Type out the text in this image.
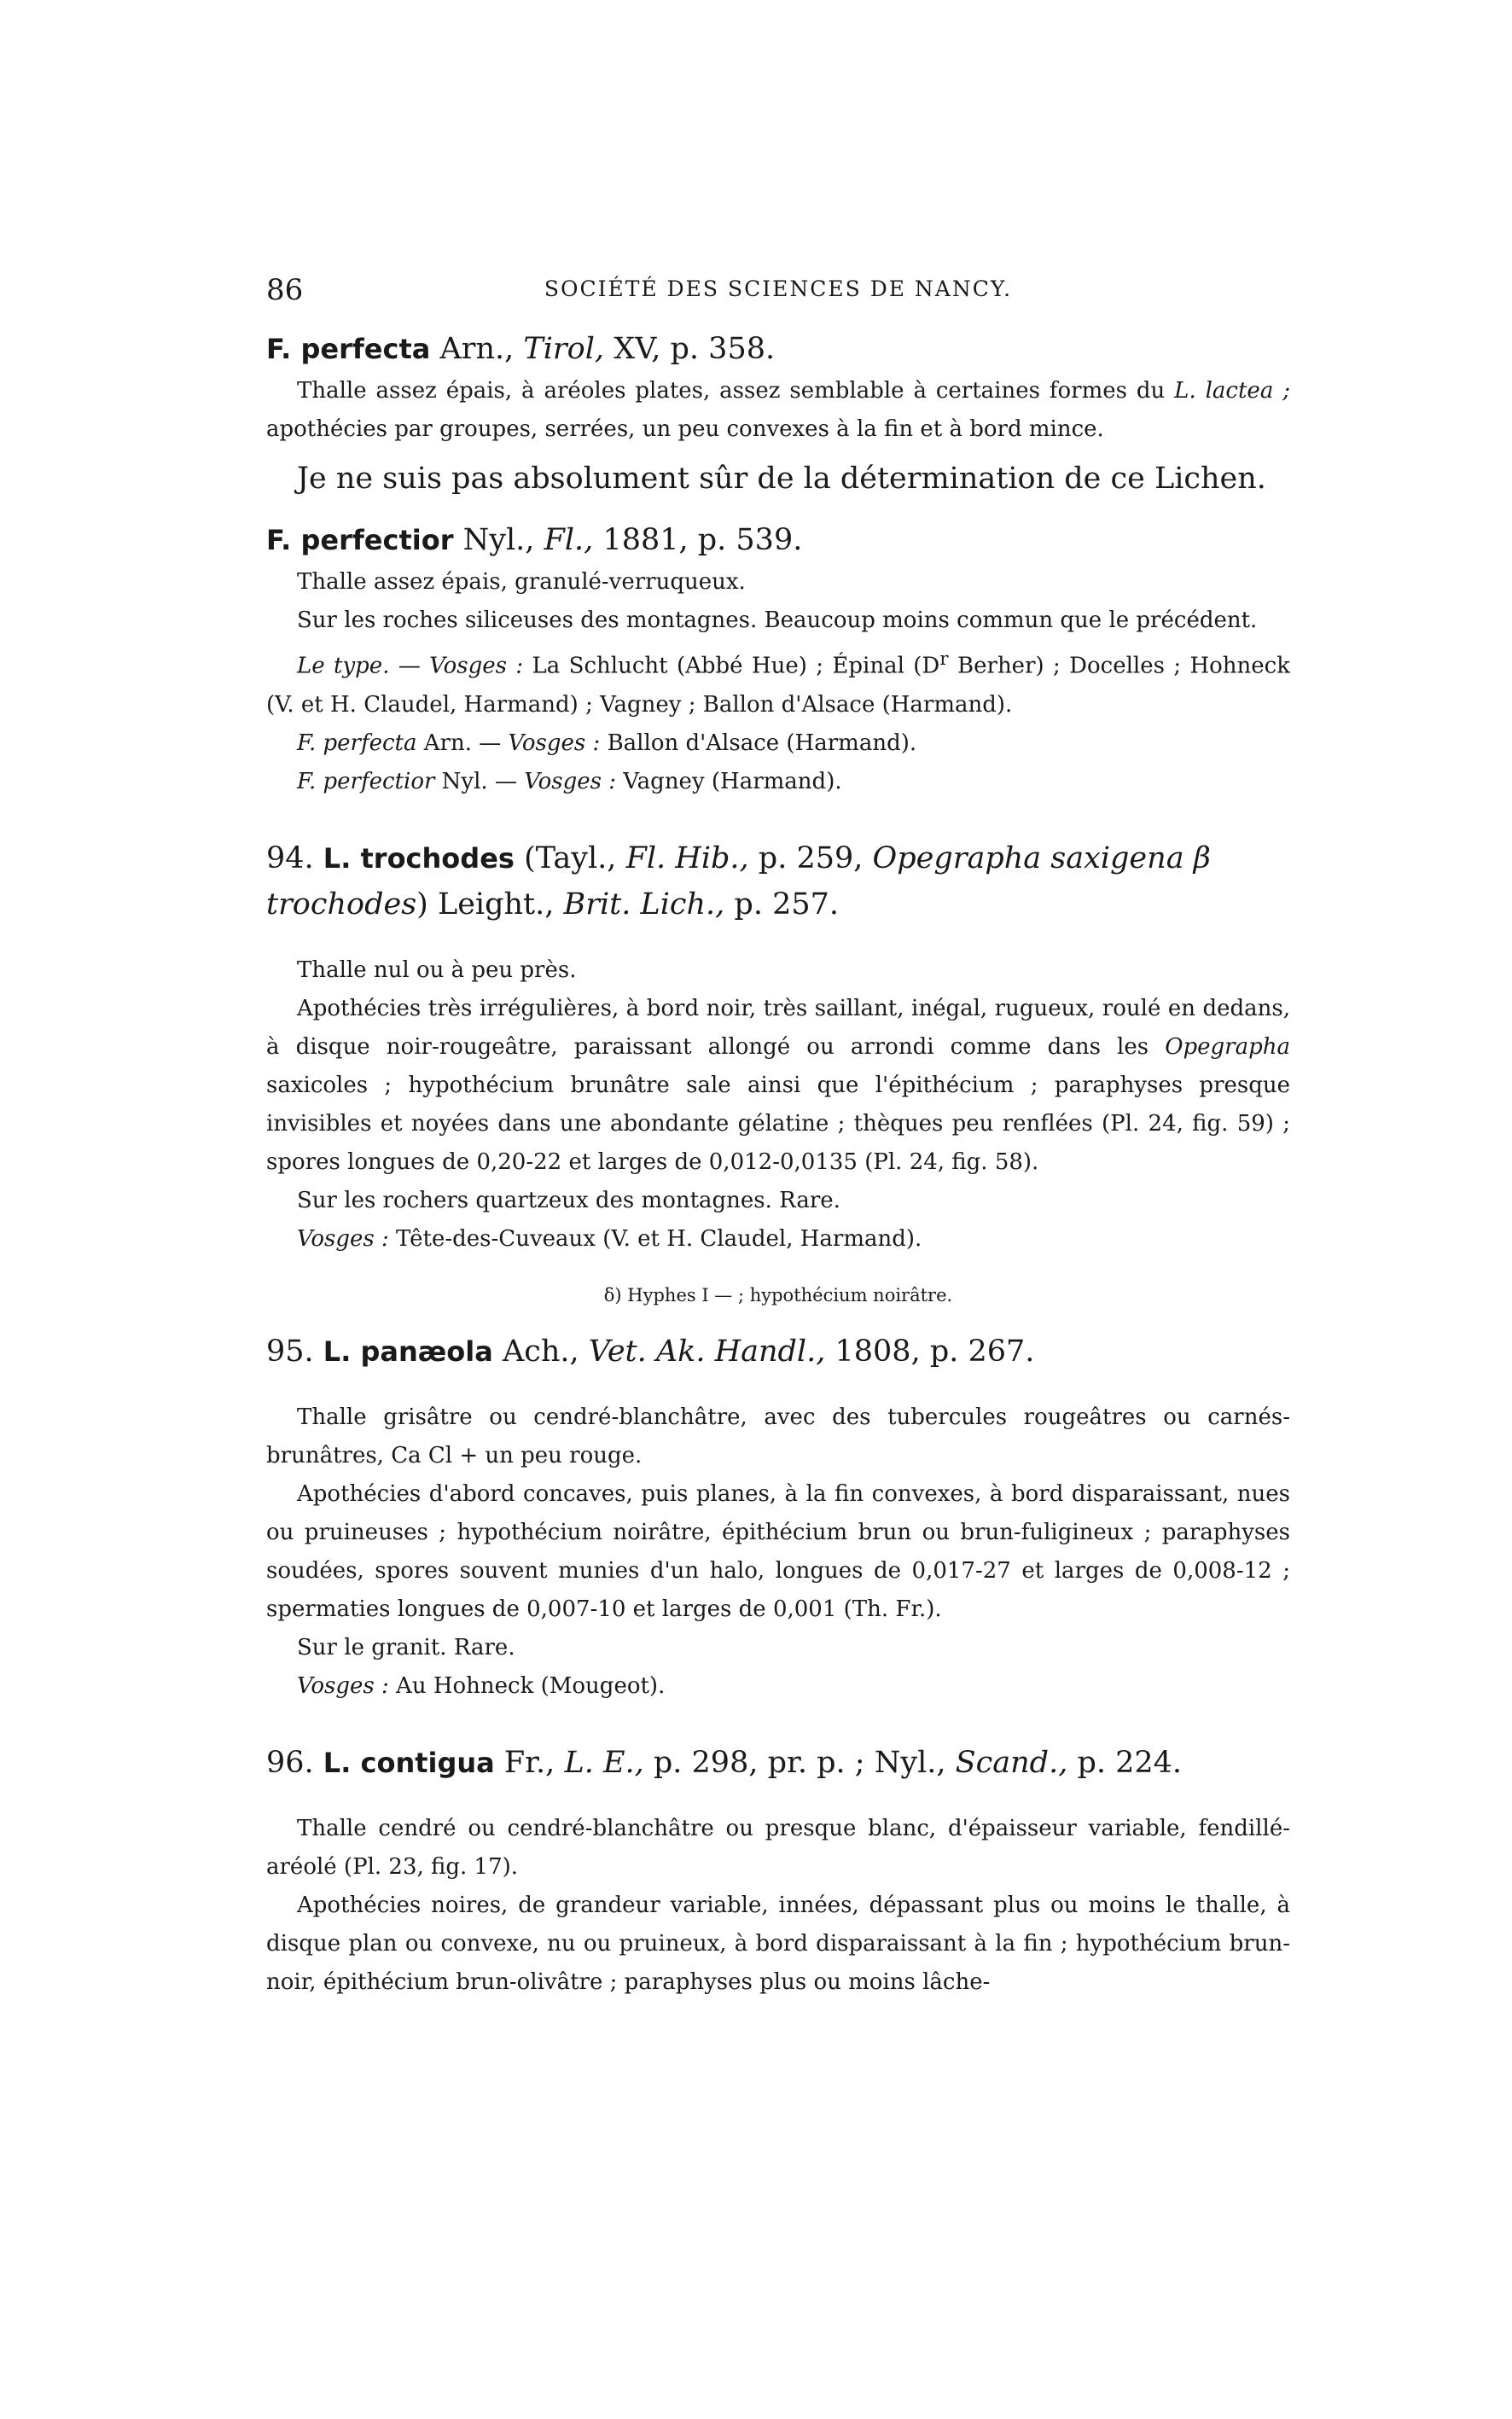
86	SOCIÉTÉ DES SCIENCES DE NANCY.
F. perfecta Arn., Tirol, XV, p. 358.

Thalle assez épais, à aréoles plates, assez semblable à certaines formes du L. lactea ; apothécies par groupes, serrées, un peu convexes à la fin et à bord mince.

Je ne suis pas absolument sûr de la détermination de ce Lichen.

F. perfectior Nyl., Fl., 1881, p. 539.

Thalle assez épais, granulé-verruqueux.

Sur les roches siliceuses des montagnes. Beaucoup moins commun que le précédent.

Le type. — Vosges : La Schlucht (Abbé Hue) ; Épinal ($D^r$ Berher) ; Docelles ; Hohneck (V. et H. Claudel, Harmand) ; Vagney ; Ballon d'Alsace (Harmand).

F. perfecta Arn. — Vosges : Ballon d'Alsace (Harmand).

F. perfectior Nyl. — Vosges : Vagney (Harmand).

94. L. trochodes (Tayl., Fl. Hib., p. 259, Opegrapha saxigena β trochodes) Leight., Brit. Lich., p. 257.

Thalle nul ou à peu près.

Apothécies très irrégulières, à bord noir, très saillant, inégal, rugueux, roulé en dedans, à disque noir-rougeâtre, paraissant allongé ou arrondi comme dans les Opegrapha saxicoles ; hypothécium brunâtre sale ainsi que l'épithécium ; paraphyses presque invisibles et noyées dans une abondante gélatine ; thèques peu renflées (Pl. 24, fig. 59) ; spores longues de 0,20-22 et larges de 0,012-0,0135 (Pl. 24, fig. 58).

Sur les rochers quartzeux des montagnes. Rare.

Vosges : Tête-des-Cuveaux (V. et H. Claudel, Harmand).

δ) Hyphes I — ; hypothécium noirâtre.

95. L. panæola Ach., Vet. Ak. Handl., 1808, p. 267.

Thalle grisâtre ou cendré-blanchâtre, avec des tubercules rougeâtres ou carnés-brunâtres, Ca Cl + un peu rouge.

Apothécies d'abord concaves, puis planes, à la fin convexes, à bord disparaissant, nues ou pruineuses ; hypothécium noirâtre, épithécium brun ou brun-fuligineux ; paraphyses soudées, spores souvent munies d'un halo, longues de 0,017-27 et larges de 0,008-12 ; spermaties longues de 0,007-10 et larges de 0,001 (Th. Fr.).

Sur le granit. Rare.

Vosges : Au Hohneck (Mougeot).

96. L. contigua Fr., L. E., p. 298, pr. p. ; Nyl., Scand., p. 224.

Thalle cendré ou cendré-blanchâtre ou presque blanc, d'épaisseur variable, fendillé-aréolé (Pl. 23, fig. 17).

Apothécies noires, de grandeur variable, innées, dépassant plus ou moins le thalle, à disque plan ou convexe, nu ou pruineux, à bord disparaissant à la fin ; hypothécium brun-noir, épithécium brun-olivâtre ; paraphyses plus ou moins lâche-
